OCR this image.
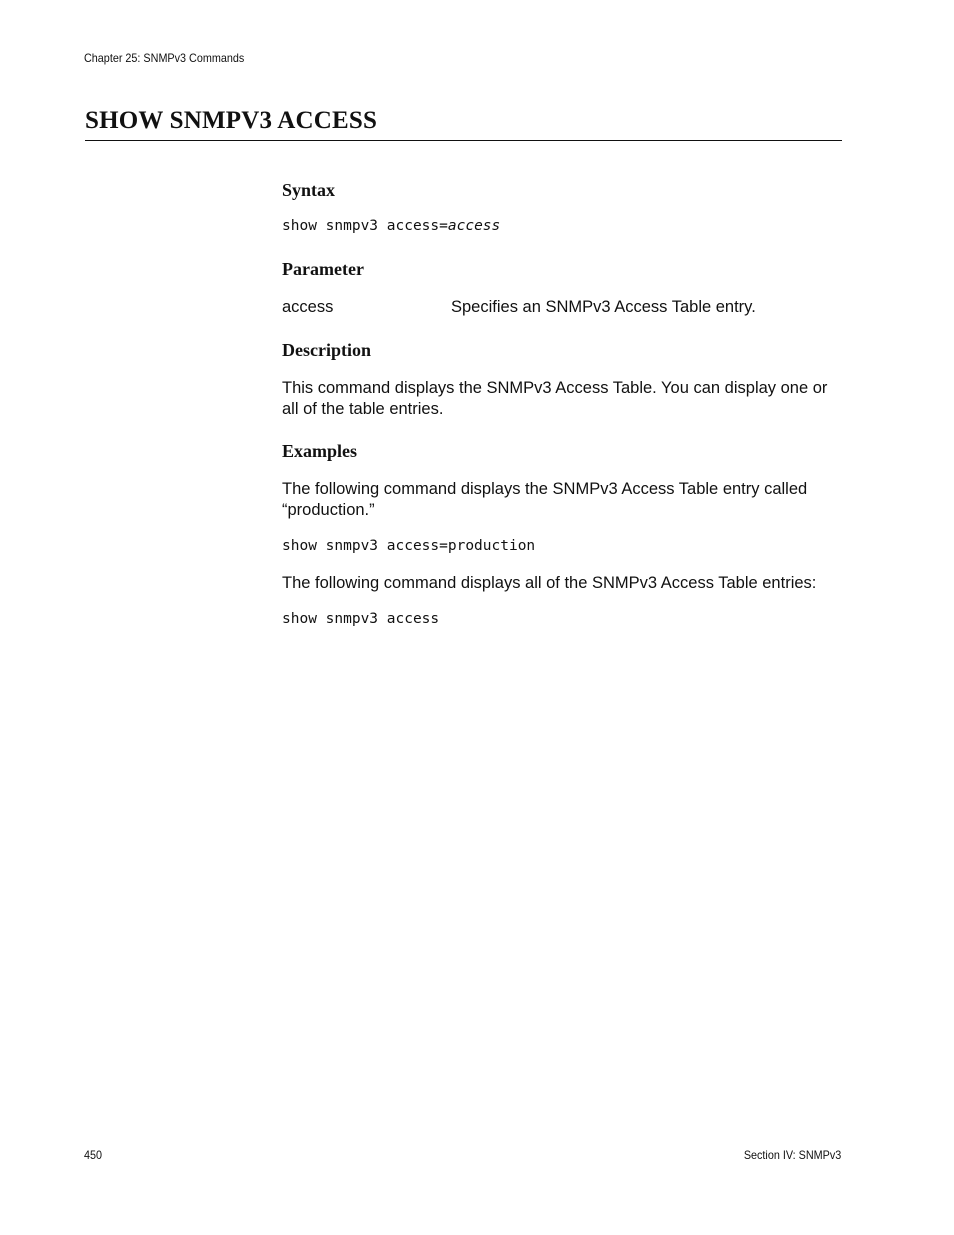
Chapter 25: SNMPv3 Commands
SHOW SNMPV3 ACCESS
Syntax
show snmpv3 access=access
Parameter
access	Specifies an SNMPv3 Access Table entry.
Description

This command displays the SNMPv3 Access Table. You can display one or all of the table entries.

Examples

The following command displays the SNMPv3 Access Table entry called “production.”

show snmpv3 access=production

The following command displays all of the SNMPv3 Access Table entries:

show snmpv3 access
450	Section IV: SNMPv3
